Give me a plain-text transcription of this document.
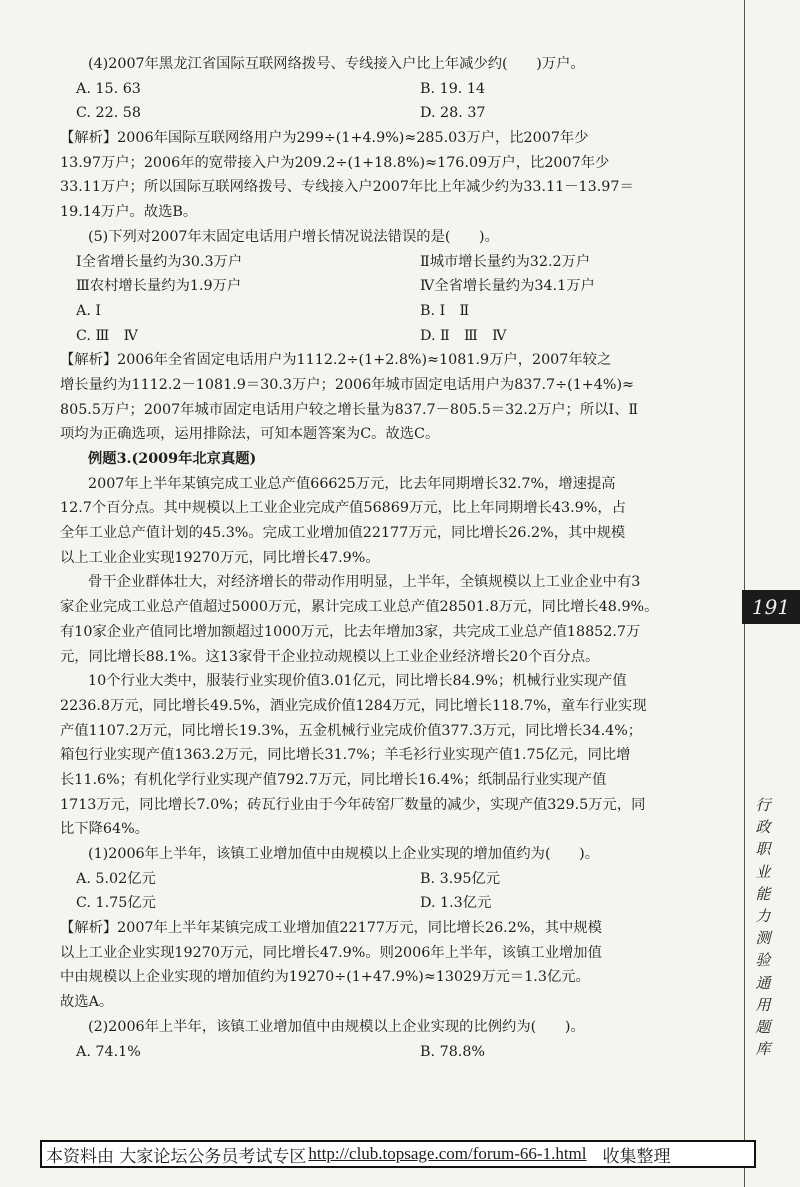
(4)2007年黑龙江省国际互联网络拨号、专线接入户比上年减少约(　　)万户。
A. 15. 63	B. 19. 14
C. 22. 58	D. 28. 37
【解析】2006年国际互联网络用户为299÷(1+4.9%)≈285.03万户，比2007年少
13.97万户；2006年的宽带接入户为209.2÷(1+18.8%)≈176.09万户，比2007年少
33.11万户；所以国际互联网络拨号、专线接入户2007年比上年减少约为33.11－13.97＝
19.14万户。故选B。
(5)下列对2007年末固定电话用户增长情况说法错误的是(　　)。
Ⅰ全省增长量约为30.3万户	Ⅱ城市增长量约为32.2万户
Ⅲ农村增长量约为1.9万户	Ⅳ全省增长量约为34.1万户
A. Ⅰ	B. Ⅰ　Ⅱ
C. Ⅲ　Ⅳ	D. Ⅱ　Ⅲ　Ⅳ
【解析】2006年全省固定电话用户为1112.2÷(1+2.8%)≈1081.9万户，2007年较之
增长量约为1112.2－1081.9＝30.3万户；2006年城市固定电话用户为837.7÷(1+4%)≈
805.5万户；2007年城市固定电话用户较之增长量为837.7－805.5＝32.2万户；所以Ⅰ、Ⅱ
项均为正确选项，运用排除法，可知本题答案为C。故选C。
例题3.(2009年北京真题)
2007年上半年某镇完成工业总产值66625万元，比去年同期增长32.7%，增速提高
12.7个百分点。其中规模以上工业企业完成产值56869万元，比上年同期增长43.9%，占
全年工业总产值计划的45.3%。完成工业增加值22177万元，同比增长26.2%，其中规模
以上工业企业实现19270万元，同比增长47.9%。
骨干企业群体壮大，对经济增长的带动作用明显，上半年，全镇规模以上工业企业中有3
家企业完成工业总产值超过5000万元，累计完成工业总产值28501.8万元，同比增长48.9%。
有10家企业产值同比增加额超过1000万元，比去年增加3家，共完成工业总产值18852.7万
元，同比增长88.1%。这13家骨干企业拉动规模以上工业企业经济增长20个百分点。
10个行业大类中，服装行业实现价值3.01亿元，同比增长84.9%；机械行业实现产值
2236.8万元，同比增长49.5%，酒业完成价值1284万元，同比增长118.7%，童车行业实现
产值1107.2万元，同比增长19.3%，五金机械行业完成价值377.3万元，同比增长34.4%；
箱包行业实现产值1363.2万元，同比增长31.7%；羊毛衫行业实现产值1.75亿元，同比增
长11.6%；有机化学行业实现产值792.7万元，同比增长16.4%；纸制品行业实现产值
1713万元，同比增长7.0%；砖瓦行业由于今年砖窑厂数量的减少，实现产值329.5万元，同
比下降64%。
(1)2006年上半年，该镇工业增加值中由规模以上企业实现的增加值约为(　　)。
A. 5.02亿元	B. 3.95亿元
C. 1.75亿元	D. 1.3亿元
【解析】2007年上半年某镇完成工业增加值22177万元，同比增长26.2%，其中规模
以上工业企业实现19270万元，同比增长47.9%。则2006年上半年，该镇工业增加值
中由规模以上企业实现的增加值约为19270÷(1+47.9%)≈13029万元＝1.3亿元。
故选A。
(2)2006年上半年，该镇工业增加值中由规模以上企业实现的比例约为(　　)。
A. 74.1%	B. 78.8%
191
行
政
职
业
能
力
测
验
通
用
题
库
本资料由 大家论坛公务员考试专区 http://club.topsage.com/forum-66-1.html 收集整理
